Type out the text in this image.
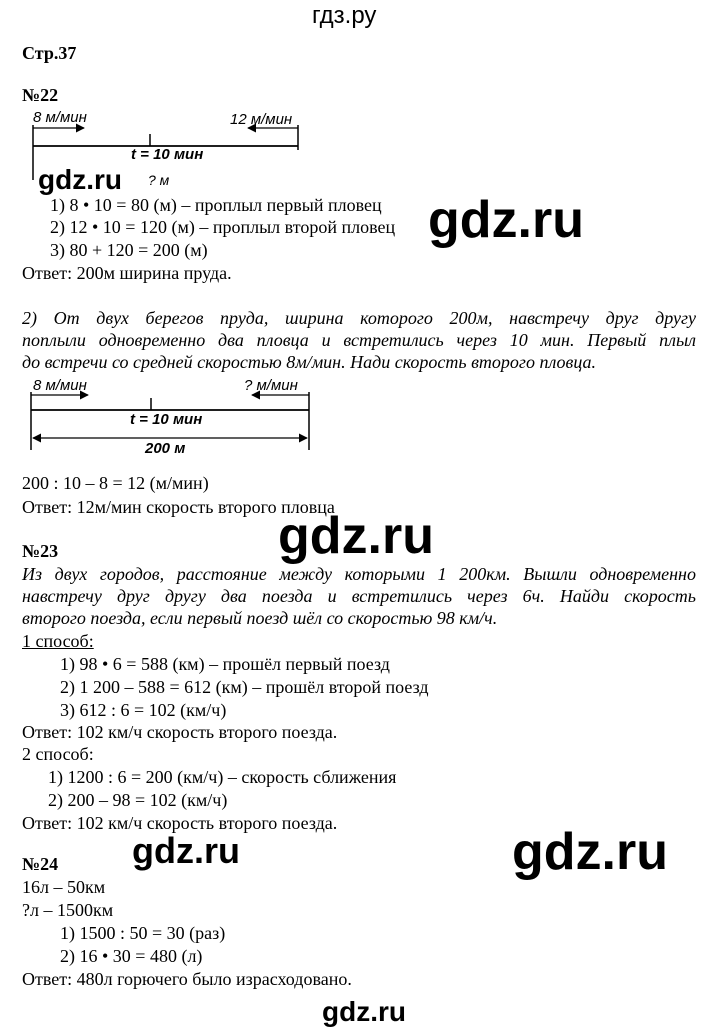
гдз.ру
Стр.37
№22
8 м/мин	12 м/мин
t = 10 мин
? м
1) 8 • 10 = 80 (м) – проплыл первый пловец
2) 12 • 10 = 120 (м) – проплыл второй пловец
3) 80 + 120 = 200 (м)
Ответ: 200м ширина пруда.
2) От двух берегов пруда, ширина которого 200м, навстречу друг другу
поплыли одновременно два пловца и встретились через 10 мин. Первый плыл
до встречи со средней скоростью 8м/мин. Нади скорость второго пловца.
8 м/мин	? м/мин
t = 10 мин
200 м
200 : 10 – 8 = 12 (м/мин)
Ответ: 12м/мин скорость второго пловца
№23
Из двух городов, расстояние между которыми 1 200км. Вышли одновременно
навстречу друг другу два поезда и встретились через 6ч. Найди скорость
второго поезда, если первый поезд шёл со скоростью 98 км/ч.
1 способ:
1) 98 • 6 = 588 (км) – прошёл первый поезд
2) 1 200 – 588 = 612 (км) – прошёл второй поезд
3) 612 : 6 = 102 (км/ч)
Ответ: 102 км/ч скорость второго поезда.
2 способ:
1) 1200 : 6 = 200 (км/ч) – скорость сближения
2) 200 – 98 = 102 (км/ч)
Ответ: 102 км/ч скорость второго поезда.
№24
16л – 50км
?л – 1500км
1) 1500 : 50 = 30 (раз)
2) 16 • 30 = 480 (л)
Ответ: 480л горючего было израсходовано.
gdz.ru
gdz.ru
gdz.ru
gdz.ru	gdz.ru
gdz.ru
